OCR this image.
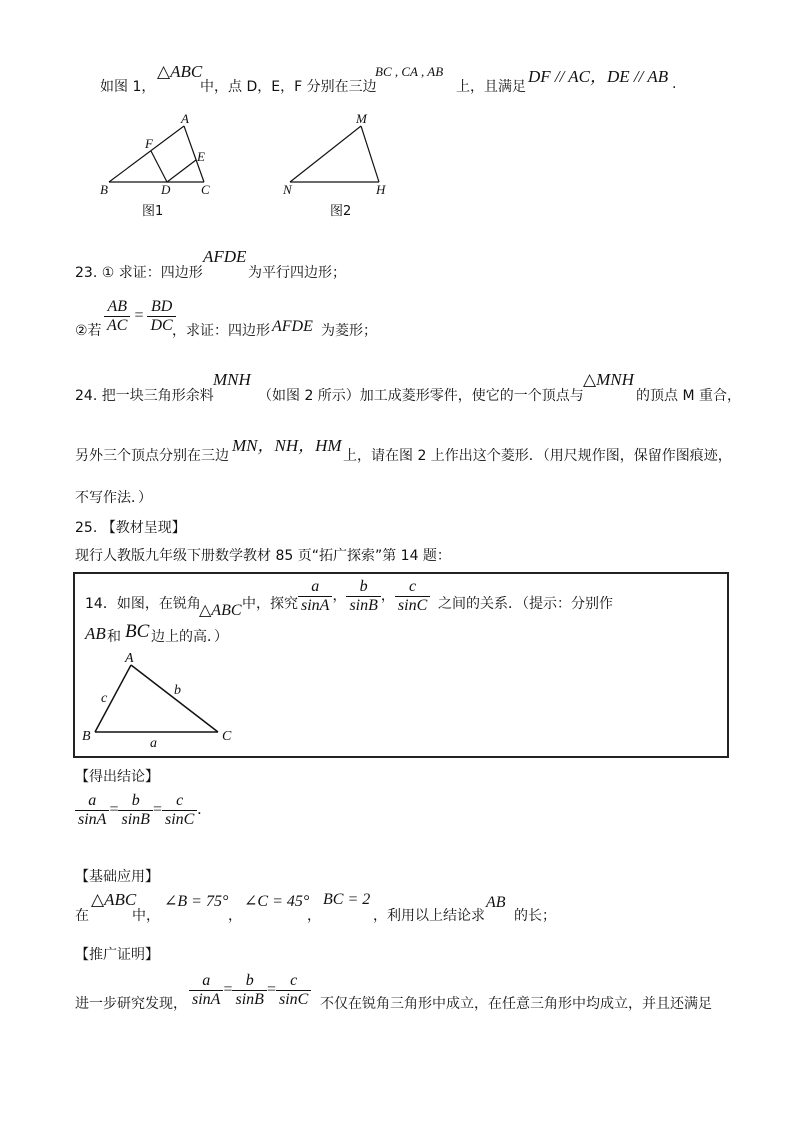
如图 1，
△ABC
中，点 D，E，F 分别在三边
BC , CA , AB
上，且满足
DF // AC，DE // AB .
A
F
E
B	D C
图1
M
N	H
图2
23. ① 求证：四边形
AFDE
为平行四边形；
②若 $\frac{AB}{AC} = \frac{BD}{DC}$
，求证：四边形 AFDE 为菱形；
24. 把一块三角形余料
MNH
（如图 2 所示）加工成菱形零件，使它的一个顶点与
△MNH
的顶点 M 重合，
另外三个顶点分别在三边
MN，NH，HM
上，请在图 2 上作出这个菱形．（用尺规作图，保留作图痕迹，
不写作法．）
25. 【教材呈现】
现行人教版九年级下册数学教材 85 页“拓广探索”第 14 题：
14．如图，在锐角
△ABC 中，探究 $\frac{a}{\sin A}$ ， $\frac{b}{\sin B}$ ， $\frac{c}{\sin C}$ 之间的关系．（提示：分别作
AB 和 BC 边上的高．）
A
B	C
c
b
a
【得出结论】
$\frac{a}{\sin A} = \frac{b}{\sin B} = \frac{c}{\sin C}$ .
【基础应用】
在
△ABC
中，
∠B = 75°
，
∠C = 45°
，
BC = 2
，利用以上结论求
AB
的长；
【推广证明】
进一步研究发现， $\frac{a}{\sin A} = \frac{b}{\sin B} = \frac{c}{\sin C}$ 不仅在锐角三角形中成立，在任意三角形中均成立，并且还满足
